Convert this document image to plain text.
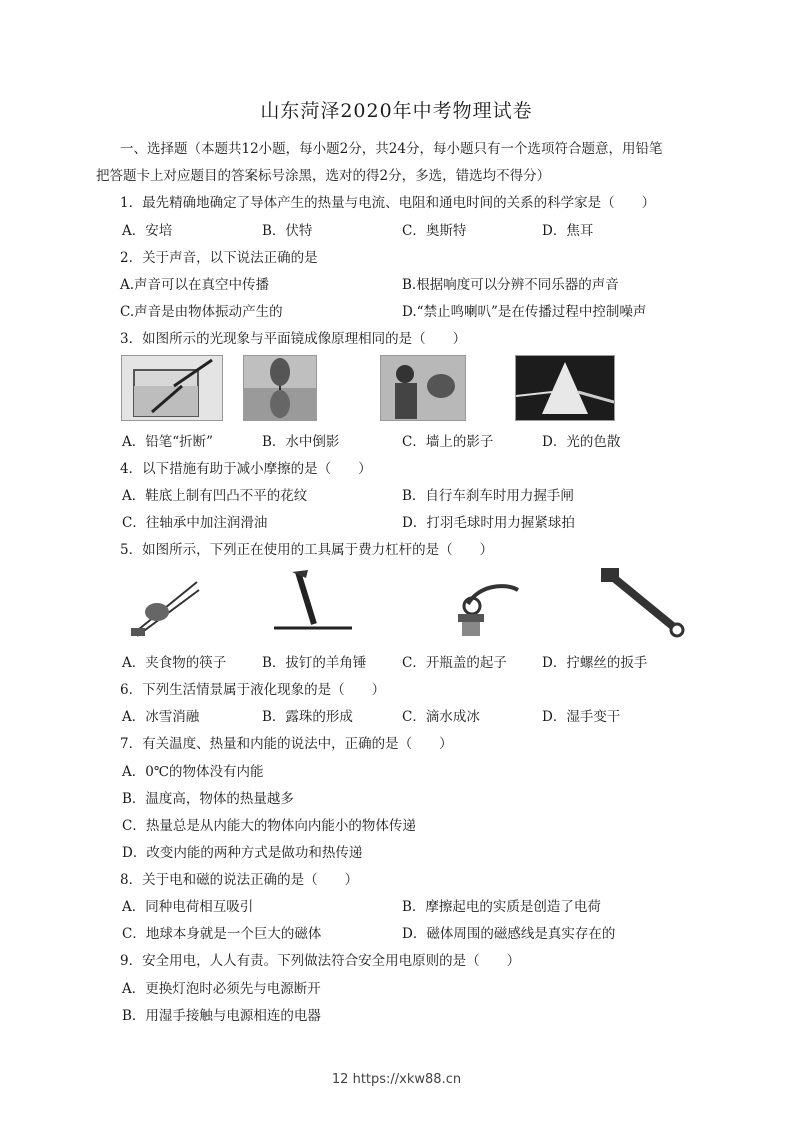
山东菏泽2020年中考物理试卷
一、选择题（本题共12小题，每小题2分，共24分，每小题只有一个选项符合题意，用铅笔
把答题卡上对应题目的答案标号涂黑，选对的得2分，多选，错选均不得分）
1．最先精确地确定了导体产生的热量与电流、电阻和通电时间的关系的科学家是（　　）
A．安培	B．伏特	C．奥斯特	D．焦耳
2．关于声音，以下说法正确的是
A.声音可以在真空中传播	B.根据响度可以分辨不同乐器的声音
C.声音是由物体振动产生的	D.“禁止鸣喇叭”是在传播过程中控制噪声
3．如图所示的光现象与平面镜成像原理相同的是（　　）
A．铅笔“折断”	B．水中倒影	C．墙上的影子	D．光的色散
4．以下措施有助于减小摩擦的是（　　）
A．鞋底上制有凹凸不平的花纹	B．自行车刹车时用力握手闸
C．往轴承中加注润滑油	D．打羽毛球时用力握紧球拍
5．如图所示，下列正在使用的工具属于费力杠杆的是（　　）
A．夹食物的筷子	B．拔钉的羊角锤	C．开瓶盖的起子	D．拧螺丝的扳手
6．下列生活情景属于液化现象的是（　　）
A．冰雪消融	B．露珠的形成	C．滴水成冰	D．湿手变干
7．有关温度、热量和内能的说法中，正确的是（　　）
A．0℃的物体没有内能
B．温度高，物体的热量越多
C．热量总是从内能大的物体向内能小的物体传递
D．改变内能的两种方式是做功和热传递
8．关于电和磁的说法正确的是（　　）
A．同种电荷相互吸引	B．摩擦起电的实质是创造了电荷
C．地球本身就是一个巨大的磁体	D．磁体周围的磁感线是真实存在的
9．安全用电，人人有责。下列做法符合安全用电原则的是（　　）
A．更换灯泡时必须先与电源断开
B．用湿手接触与电源相连的电器
12 https://xkw88.cn
